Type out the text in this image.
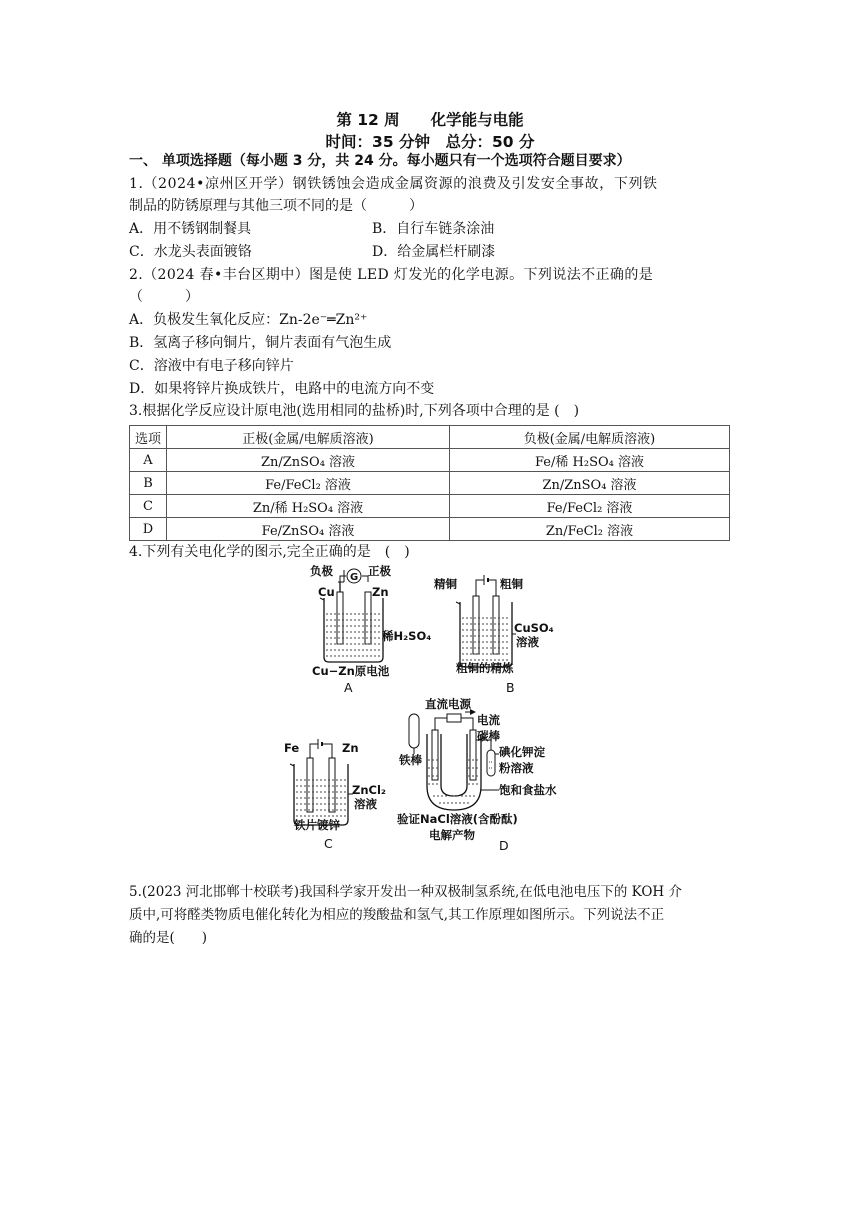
第 12 周　　化学能与电能
时间：35 分钟　总分：50 分
一、 单项选择题（每小题 3 分，共 24 分。每小题只有一个选项符合题目要求）
1.（2024•凉州区开学）钢铁锈蚀会造成金属资源的浪费及引发安全事故，下列铁
制品的防锈原理与其他三项不同的是（　　　）
A．用不锈钢制餐具	B．自行车链条涂油
C．水龙头表面镀铬	D．给金属栏杆刷漆
2.（2024 春•丰台区期中）图是使 LED 灯发光的化学电源。下列说法不正确的是
（　　　）
A．负极发生氧化反应：Zn-2e⁻═Zn²⁺
B．氢离子移向铜片，铜片表面有气泡生成
C．溶液中有电子移向锌片
D．如果将锌片换成铁片，电路中的电流方向不变
3.根据化学反应设计原电池(选用相同的盐桥)时,下列各项中合理的是 (　)
选项	正极(金属/电解质溶液)	负极(金属/电解质溶液)
A	Zn/ZnSO₄ 溶液	Fe/稀 H₂SO₄ 溶液
B	Fe/FeCl₂ 溶液	Zn/ZnSO₄ 溶液
C	Zn/稀 H₂SO₄ 溶液	Fe/FeCl₂ 溶液
D	Fe/ZnSO₄ 溶液	Zn/FeCl₂ 溶液
4.下列有关电化学的图示,完全正确的是　(　)
G
负极	正极
Cu	Zn
稀H₂SO₄
Cu−Zn原电池
A
精铜	粗铜
CuSO₄
溶液
粗铜的精炼
B
Fe	Zn
ZnCl₂
溶液
铁片镀锌
C
直流电源
电流
碳棒
铁棒
碘化钾淀
粉溶液
饱和食盐水
验证NaCl溶液(含酚酞)
电解产物
D
5.(2023 河北邯郸十校联考)我国科学家开发出一种双极制氢系统,在低电池电压下的 KOH 介
质中,可将醛类物质电催化转化为相应的羧酸盐和氢气,其工作原理如图所示。下列说法不正
确的是(　　)
